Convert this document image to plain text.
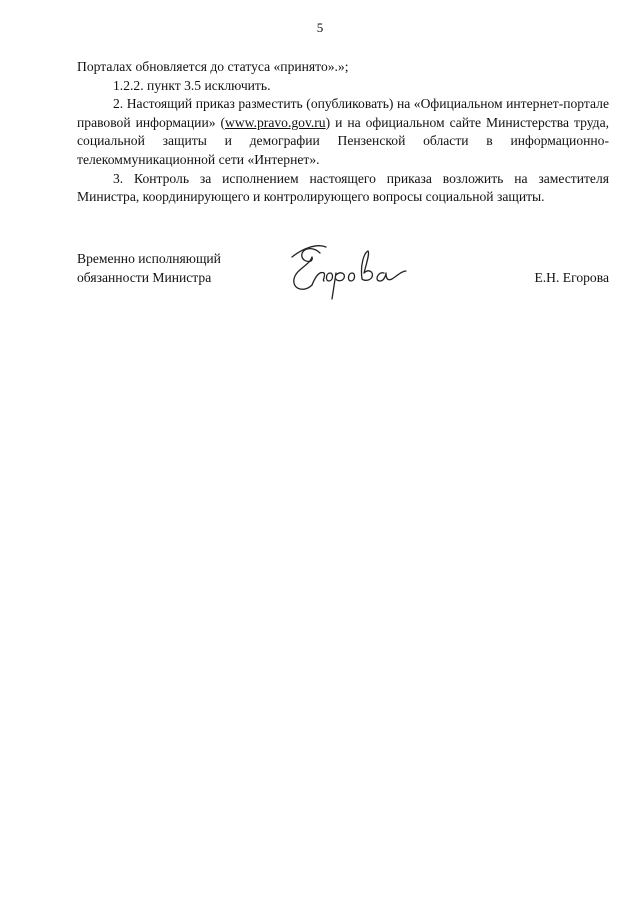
5

Порталах обновляется до статуса «принято».»;

1.2.2. пункт 3.5 исключить.

2. Настоящий приказ разместить (опубликовать) на «Официальном интернет-портале правовой информации» (www.pravo.gov.ru) и на официальном сайте Министерства труда, социальной защиты и демографии Пензенской области в информационно-телекоммуникационной сети «Интернет».

3. Контроль за исполнением настоящего приказа возложить на заместителя Министра, координирующего и контролирующего вопросы социальной защиты.

Временно исполняющий
обязанности Министра	Е.Н. Егорова
